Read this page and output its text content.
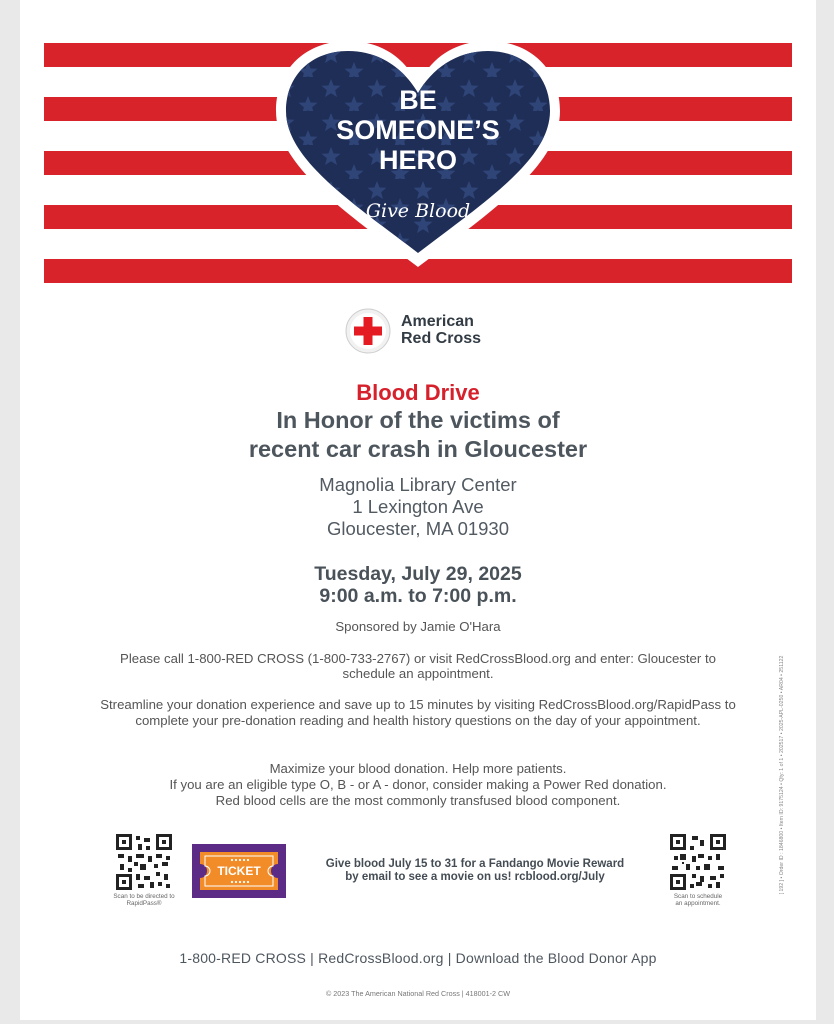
BE
SOMEONE’S
HERO
Give Blood
American
Red Cross
Blood Drive
In Honor of the victims of
recent car crash in Gloucester
Magnolia Library Center
1 Lexington Ave
Gloucester, MA 01930
Tuesday, July 29, 2025
9:00 a.m. to 7:00 p.m.
Sponsored by Jamie O'Hara
Please call 1-800-RED CROSS (1-800-733-2767) or visit RedCrossBlood.org and enter: Gloucester to
schedule an appointment.
Streamline your donation experience and save up to 15 minutes by visiting RedCrossBlood.org/RapidPass to
complete your pre-donation reading and health history questions on the day of your appointment.
Maximize your blood donation. Help more patients.
If you are an eligible type O, B - or A - donor, consider making a Power Red donation.
Red blood cells are the most commonly transfused blood component.
Scan to be directed to
RapidPass®
TICKET	Give blood July 15 to 31 for a Fandango Movie Reward
by email to see a movie on us! rcblood.org/July
Scan to schedule
an appointment.
1-800-RED CROSS | RedCrossBlood.org | Download the Blood Donor App
© 2023 The American National Red Cross | 418001-2 CW
[ 192 ] • Order ID : 1846800 • Item ID: 9175124 • Qty: 1 of 1 • 202517 • 2025-APL-0250 • AR04 • 251122
